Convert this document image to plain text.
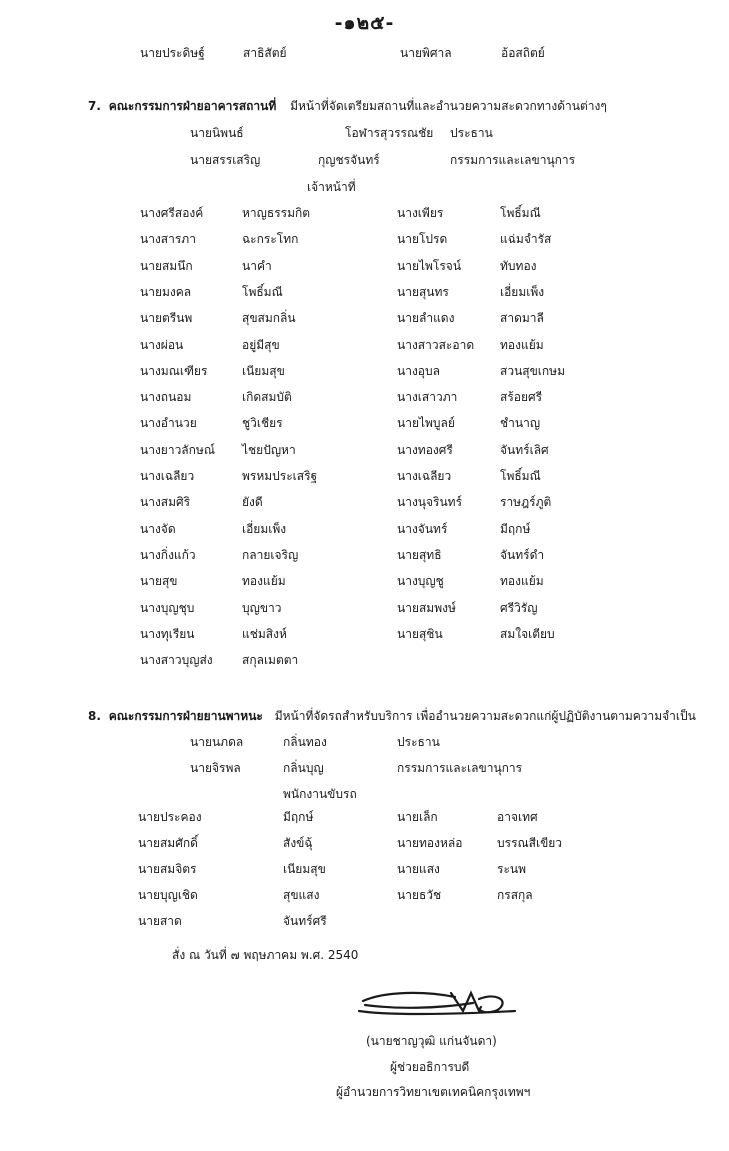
-๑๒๕-
นายประดิษฐ์	สาธิสัตย์	นายพิศาล	อ้อสถิตย์
7. คณะกรรมการฝ่ายอาคารสถานที่ มีหน้าที่จัดเตรียมสถานที่และอำนวยความสะดวกทางด้านต่างๆ
นายนิพนธ์	โอฬารสุวรรณชัย ประธาน
นายสรรเสริญ	กุญชรจันทร์	กรรมการและเลขานุการ
เจ้าหน้าที่
นางศรีสองค์	หาญธรรมกิต	นางเพียร	โพธิ์มณี
นางสารภา	ฉะกระโทก	นายโปรด	แฉ่มจำรัส
นายสมนึก	นาคำ	นายไพโรจน์	ทับทอง
นายมงคล	โพธิ์มณี	นายสุนทร	เอี่ยมเพ็ง
นายตรีนพ	สุขสมกลิ่น	นายลำแดง	สาดมาลี
นางผ่อน	อยู่มีสุข	นางสาวสะอาด ทองแย้ม
นางมณเฑียร	เนียมสุข	นางอุบล	สวนสุขเกษม
นางถนอม	เกิดสมบัติ	นางเสาวภา	สร้อยศรี
นางอำนวย	ชูวิเชียร	นายไพบูลย์	ชำนาญ
นางยาวลักษณ์ ไชยปัญหา	นางทองศรี	จันทร์เลิศ
นางเฉลียว	พรหมประเสริฐ	นางเฉลียว	โพธิ์มณี
นางสมศิริ	ยังดี	นางนุจรินทร์	ราษฎร์ภูติ
นางจัด	เอี่ยมเพ็ง	นางจันทร์	มีฤกษ์
นางกิ่งแก้ว	กลายเจริญ	นายสุทธิ	จันทร์ดำ
นายสุข	ทองแย้ม	นางบุญชู	ทองแย้ม
นางบุญชุบ	บุญขาว	นายสมพงษ์	ศรีวิรัญ
นางทุเรียน	แช่มสิงห์	นายสุชิน	สมใจเตียบ
นางสาวบุญส่ง สกุลเมตตา
8. คณะกรรมการฝ่ายยานพาหนะ มีหน้าที่จัดรถสำหรับบริการ เพื่ออำนวยความสะดวกแก่ผู้ปฏิบัติงานตามความจำเป็น
นายนภดล	กลิ่นทอง	ประธาน
นายจิรพล	กลิ่นบุญ	กรรมการและเลขานุการ
พนักงานขับรถ
นายประคอง	มีฤกษ์	นายเล็ก	อาจเทศ
นายสมศักดิ์	สังข์ฉุ้	นายทองหล่อ	บรรณสีเขียว
นายสมจิตร	เนียมสุข	นายแสง	ระนพ
นายบุญเชิด	สุขแสง	นายธวัช	กรสกุล
นายสาด	จันทร์ศรี
สั่ง ณ วันที่ ๗ พฤษภาคม พ.ศ. 2540
(นายชาญวุฒิ แก่นจันดา)
ผู้ช่วยอธิการบดี
ผู้อำนวยการวิทยาเขตเทคนิคกรุงเทพฯ
